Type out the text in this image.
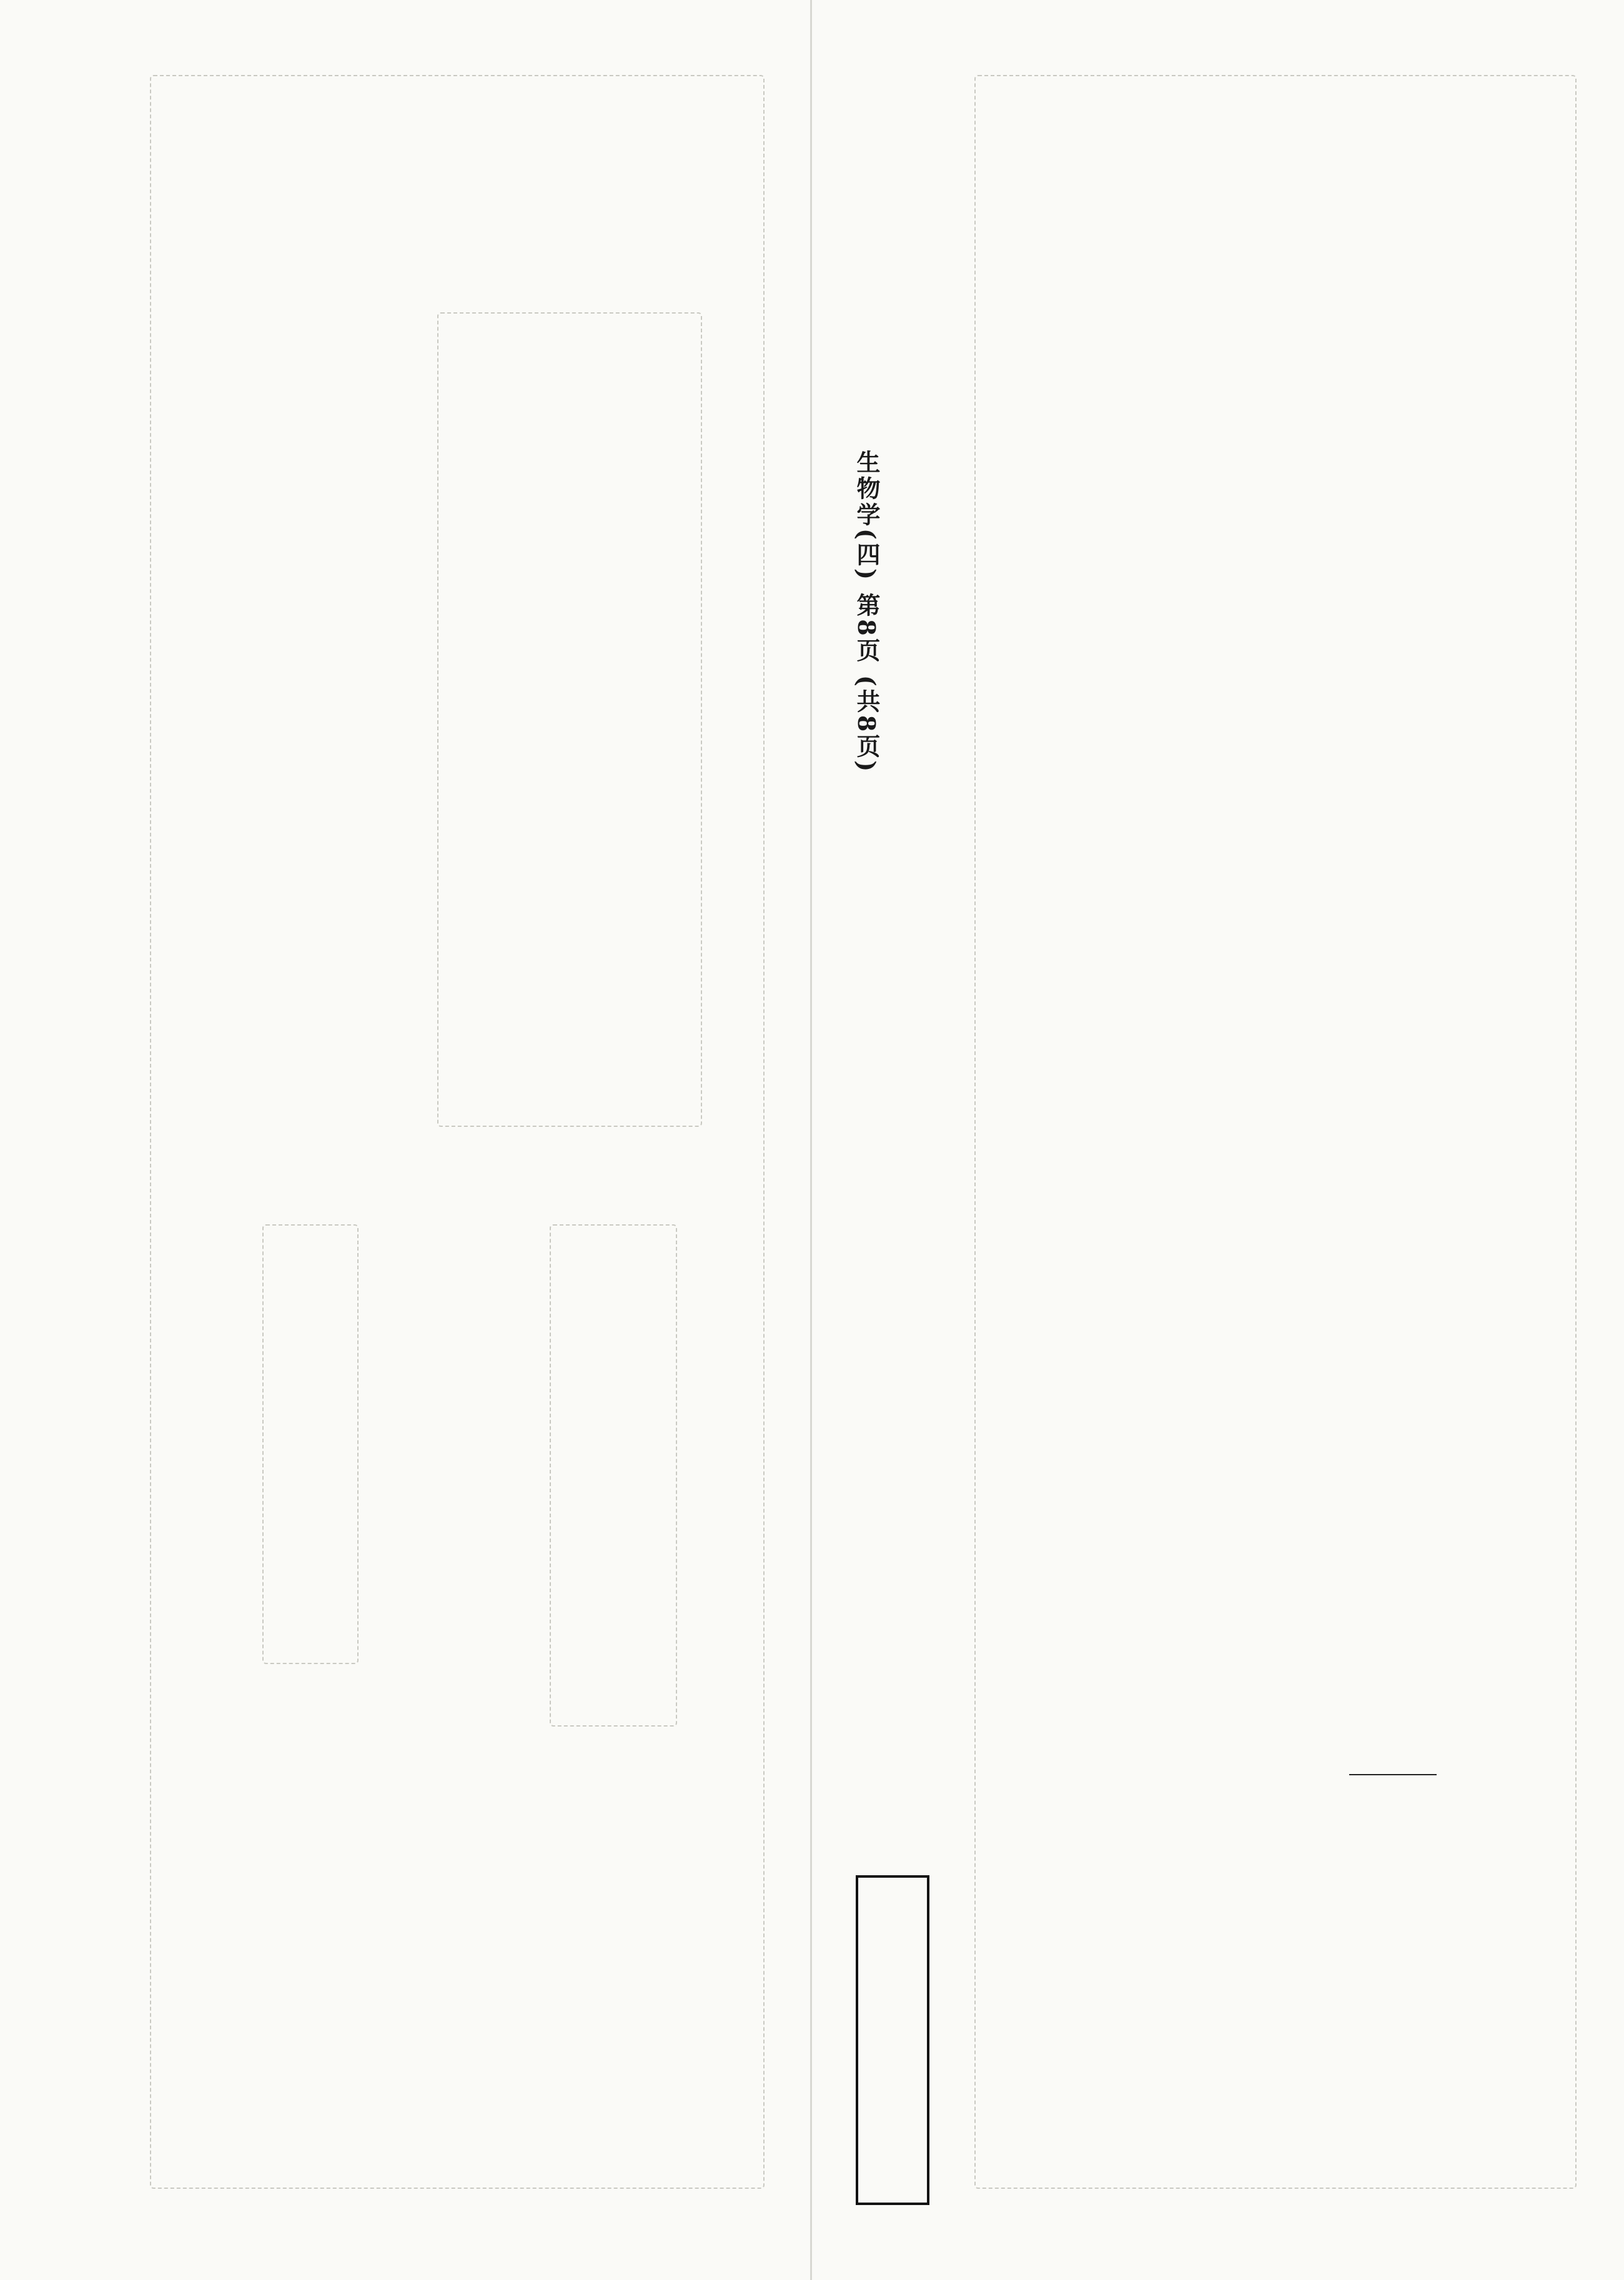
生物学(四) 第8页 (共8页)
